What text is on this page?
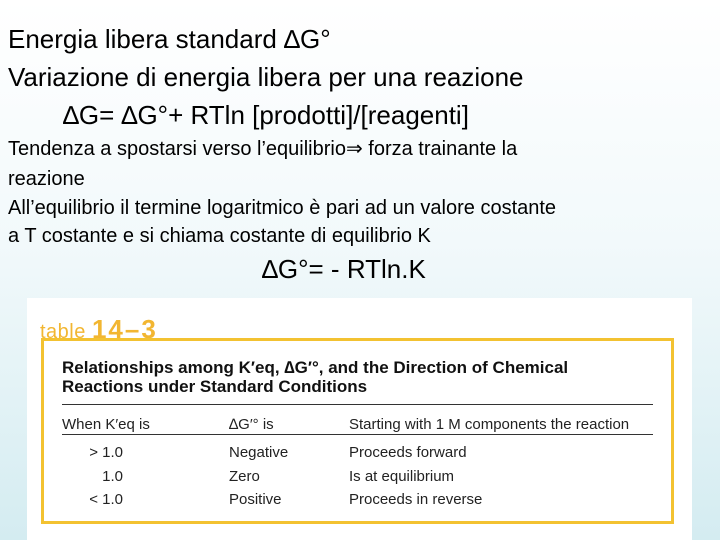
Energia libera standard ∆G°
Variazione di energia libera per una reazione
∆G= ∆G°+ RTln [prodotti]/[reagenti]
Tendenza a spostarsi verso l’equilibrio⇒ forza trainante la
reazione
All’equilibrio il termine logaritmico è pari ad un valore costante
a T costante e si chiama costante di equilibrio K
∆G°= - RTln.K
table 14–3
Relationships among K′eq, ∆G′°, and the Direction of Chemical
Reactions under Standard Conditions
When K′eq is	∆G′° is	Starting with 1 M components the reaction
> 1.0	Negative	Proceeds forward
1.0	Zero	Is at equilibrium
< 1.0	Positive	Proceeds in reverse
